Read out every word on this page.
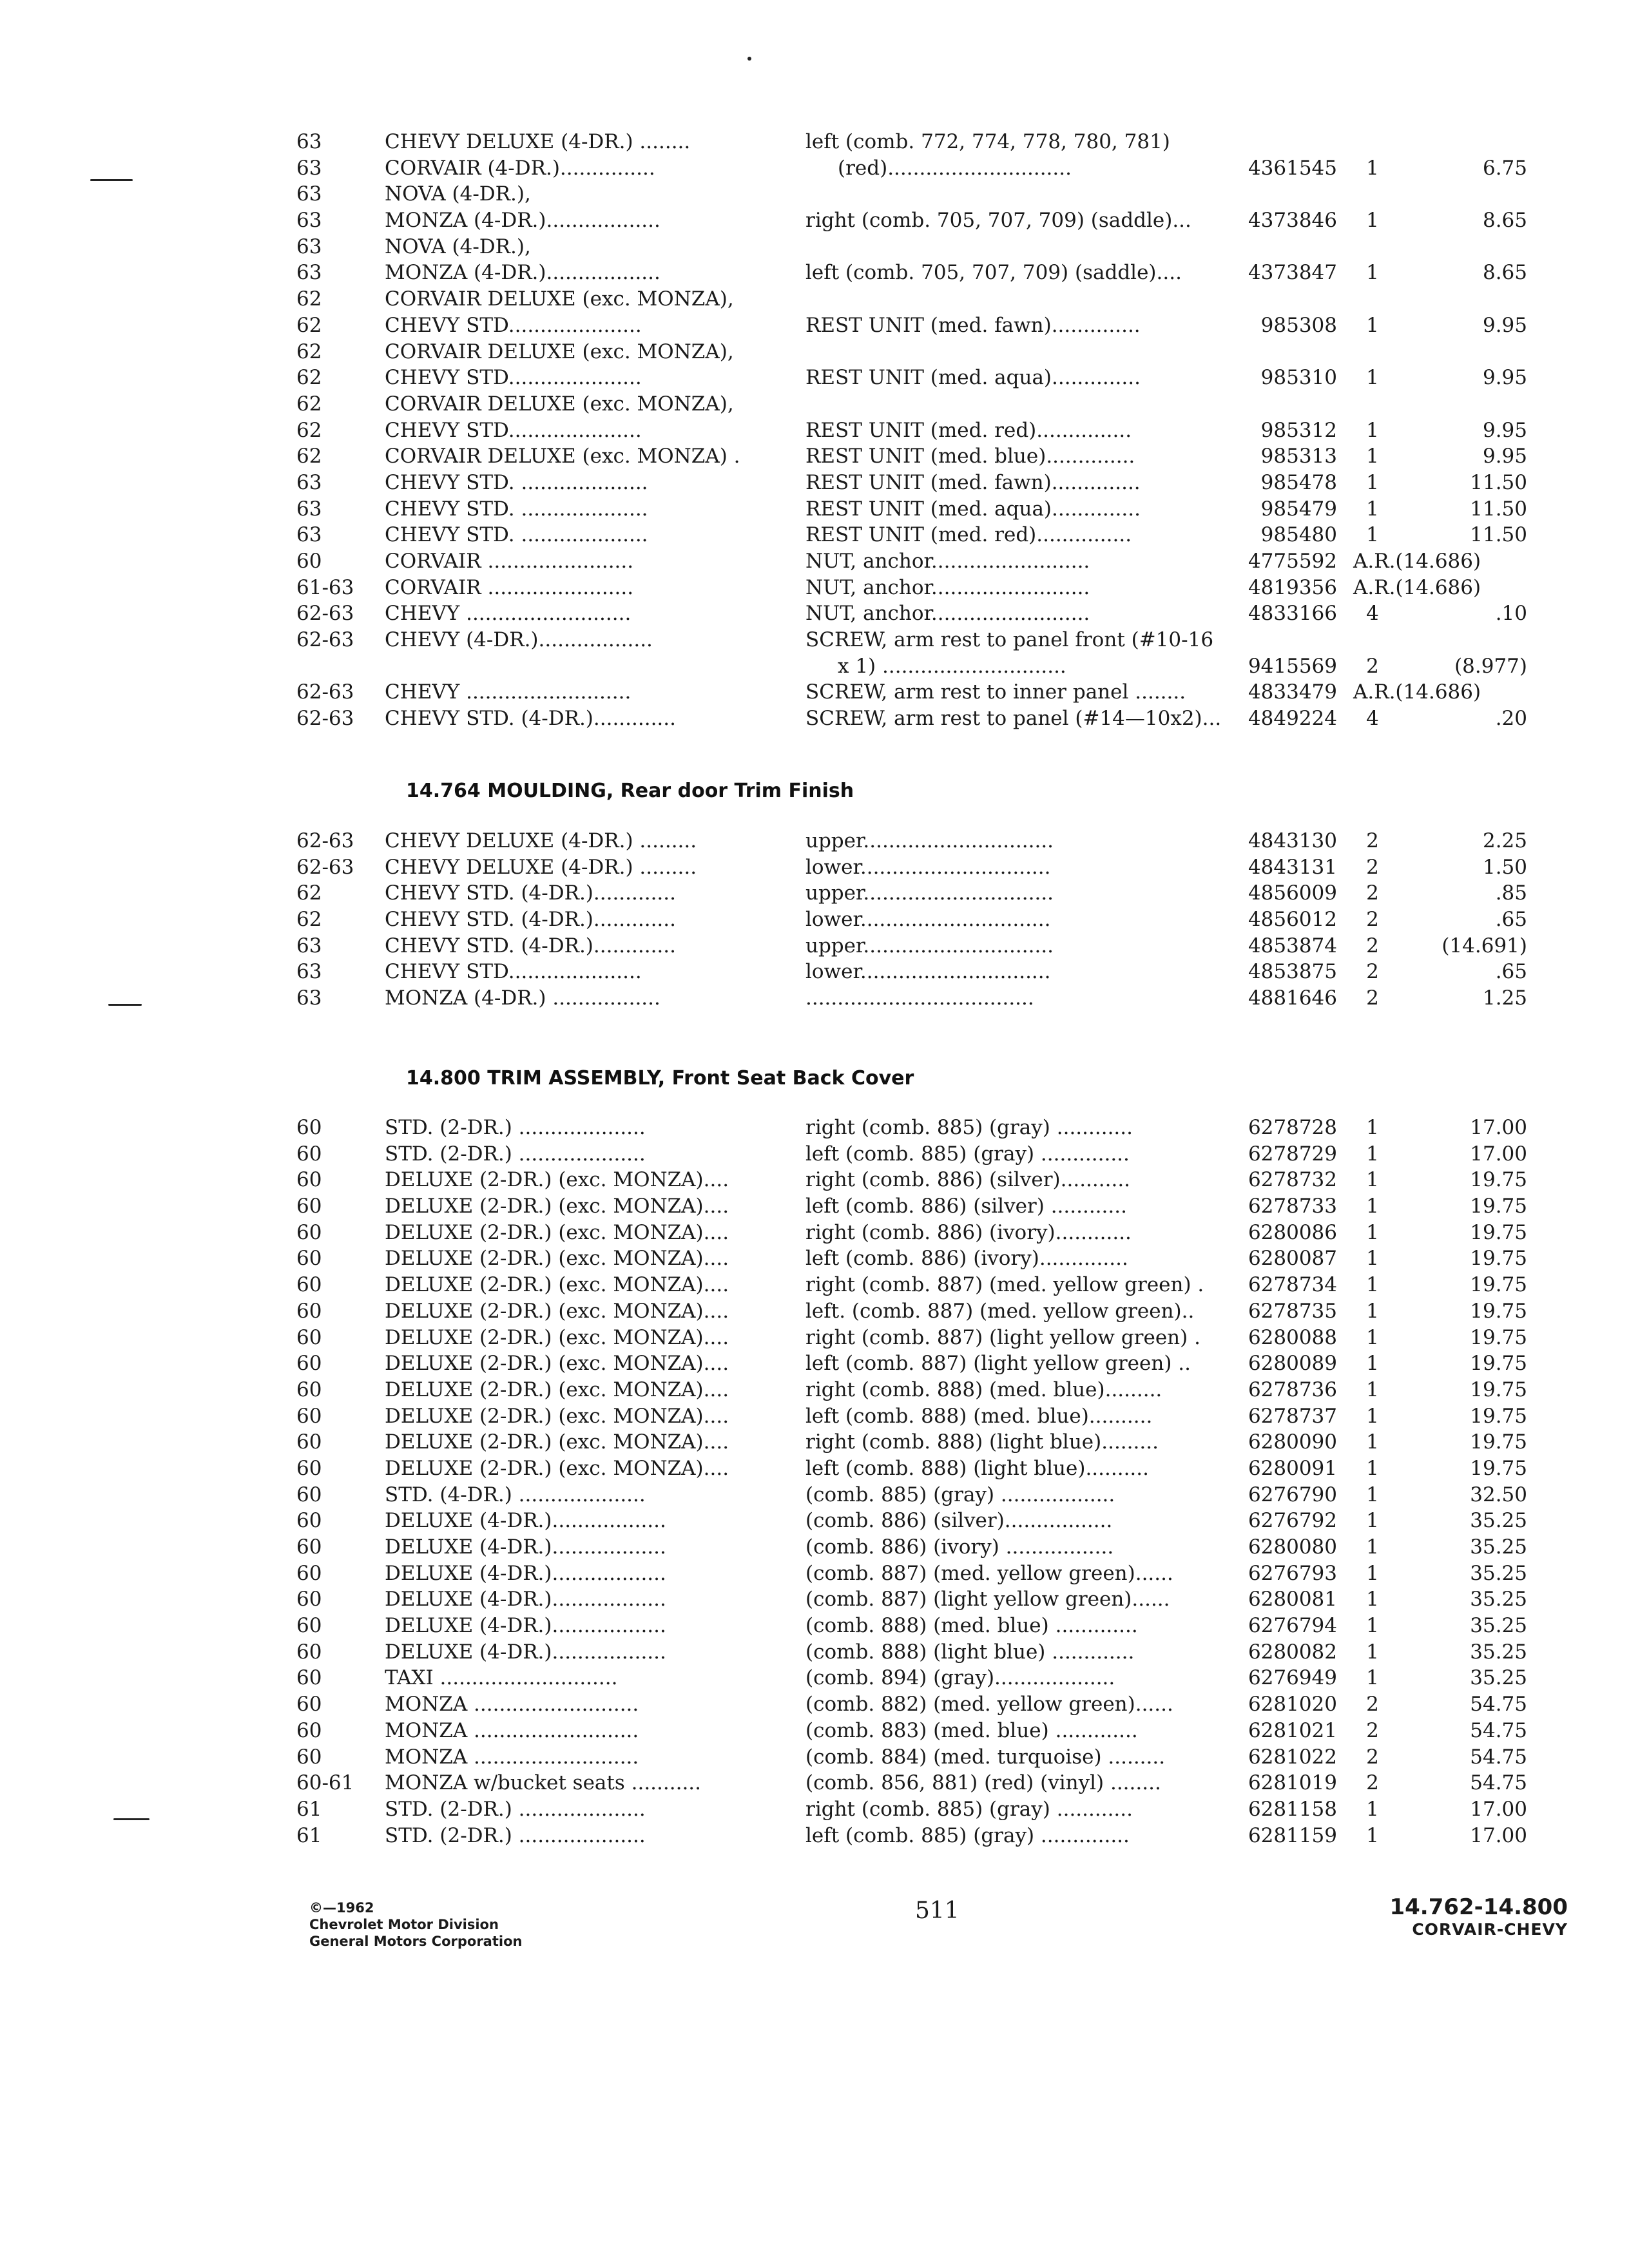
63	CHEVY DELUXE (4-DR.) ........	left (comb. 772, 774, 778, 780, 781)
63	CORVAIR (4-DR.)...............	(red).............................	4361545	1	6.75
63	NOVA (4-DR.),
63	MONZA (4-DR.)..................	right (comb. 705, 707, 709) (saddle)...	4373846	1	8.65
63	NOVA (4-DR.),
63	MONZA (4-DR.)..................	left (comb. 705, 707, 709) (saddle)....	4373847	1	8.65
62	CORVAIR DELUXE (exc. MONZA),
62	CHEVY STD.....................	REST UNIT (med. fawn)..............	985308	1	9.95
62	CORVAIR DELUXE (exc. MONZA),
62	CHEVY STD.....................	REST UNIT (med. aqua)..............	985310	1	9.95
62	CORVAIR DELUXE (exc. MONZA),
62	CHEVY STD.....................	REST UNIT (med. red)...............	985312	1	9.95
62	CORVAIR DELUXE (exc. MONZA) .	REST UNIT (med. blue)..............	985313	1	9.95
63	CHEVY STD. ....................	REST UNIT (med. fawn)..............	985478	1	11.50
63	CHEVY STD. ....................	REST UNIT (med. aqua)..............	985479	1	11.50
63	CHEVY STD. ....................	REST UNIT (med. red)...............	985480	1	11.50
60	CORVAIR .......................	NUT, anchor.........................	4775592 A.R.(14.686)
61-63 CORVAIR .......................	NUT, anchor.........................	4819356 A.R.(14.686)
62-63 CHEVY ..........................	NUT, anchor.........................	4833166	4	.10
62-63 CHEVY (4-DR.)..................	SCREW, arm rest to panel front (#10-16
x 1) .............................	9415569	2	(8.977)
62-63 CHEVY ..........................	SCREW, arm rest to inner panel ........	4833479 A.R.(14.686)
62-63 CHEVY STD. (4-DR.).............	SCREW, arm rest to panel (#14—10x2)...	4849224	4	.20
14.764 MOULDING, Rear door Trim Finish
62-63 CHEVY DELUXE (4-DR.) .........	upper..............................	4843130	2	2.25
62-63 CHEVY DELUXE (4-DR.) .........	lower..............................	4843131	2	1.50
62	CHEVY STD. (4-DR.).............	upper..............................	4856009	2	.85
62	CHEVY STD. (4-DR.).............	lower..............................	4856012	2	.65
63	CHEVY STD. (4-DR.).............	upper..............................	4853874	2	(14.691)
63	CHEVY STD.....................	lower..............................	4853875	2	.65
63	MONZA (4-DR.) .................	....................................	4881646	2	1.25
14.800 TRIM ASSEMBLY, Front Seat Back Cover
60	STD. (2-DR.) ....................	right (comb. 885) (gray) ............	6278728	1	17.00
60	STD. (2-DR.) ....................	left (comb. 885) (gray) ..............	6278729	1	17.00
60	DELUXE (2-DR.) (exc. MONZA)....	right (comb. 886) (silver)...........	6278732	1	19.75
60	DELUXE (2-DR.) (exc. MONZA)....	left (comb. 886) (silver) ............	6278733	1	19.75
60	DELUXE (2-DR.) (exc. MONZA)....	right (comb. 886) (ivory)............	6280086	1	19.75
60	DELUXE (2-DR.) (exc. MONZA)....	left (comb. 886) (ivory)..............	6280087	1	19.75
60	DELUXE (2-DR.) (exc. MONZA)....	right (comb. 887) (med. yellow green) .	6278734	1	19.75
60	DELUXE (2-DR.) (exc. MONZA)....	left. (comb. 887) (med. yellow green)..	6278735	1	19.75
60	DELUXE (2-DR.) (exc. MONZA)....	right (comb. 887) (light yellow green) .	6280088	1	19.75
60	DELUXE (2-DR.) (exc. MONZA)....	left (comb. 887) (light yellow green) ..	6280089	1	19.75
60	DELUXE (2-DR.) (exc. MONZA)....	right (comb. 888) (med. blue).........	6278736	1	19.75
60	DELUXE (2-DR.) (exc. MONZA)....	left (comb. 888) (med. blue)..........	6278737	1	19.75
60	DELUXE (2-DR.) (exc. MONZA)....	right (comb. 888) (light blue).........	6280090	1	19.75
60	DELUXE (2-DR.) (exc. MONZA)....	left (comb. 888) (light blue)..........	6280091	1	19.75
60	STD. (4-DR.) ....................	(comb. 885) (gray) ..................	6276790	1	32.50
60	DELUXE (4-DR.)..................	(comb. 886) (silver).................	6276792	1	35.25
60	DELUXE (4-DR.)..................	(comb. 886) (ivory) .................	6280080	1	35.25
60	DELUXE (4-DR.)..................	(comb. 887) (med. yellow green)......	6276793	1	35.25
60	DELUXE (4-DR.)..................	(comb. 887) (light yellow green)......	6280081	1	35.25
60	DELUXE (4-DR.)..................	(comb. 888) (med. blue) .............	6276794	1	35.25
60	DELUXE (4-DR.)..................	(comb. 888) (light blue) .............	6280082	1	35.25
60	TAXI ............................	(comb. 894) (gray)...................	6276949	1	35.25
60	MONZA ..........................	(comb. 882) (med. yellow green)......	6281020	2	54.75
60	MONZA ..........................	(comb. 883) (med. blue) .............	6281021	2	54.75
60	MONZA ..........................	(comb. 884) (med. turquoise) .........	6281022	2	54.75
60-61 MONZA w/bucket seats ...........	(comb. 856, 881) (red) (vinyl) ........	6281019	2	54.75
61	STD. (2-DR.) ....................	right (comb. 885) (gray) ............	6281158	1	17.00
61	STD. (2-DR.) ....................	left (comb. 885) (gray) ..............	6281159	1	17.00
©—1962
Chevrolet Motor Division
General Motors Corporation
511	14.762-14.800
CORVAIR-CHEVY
